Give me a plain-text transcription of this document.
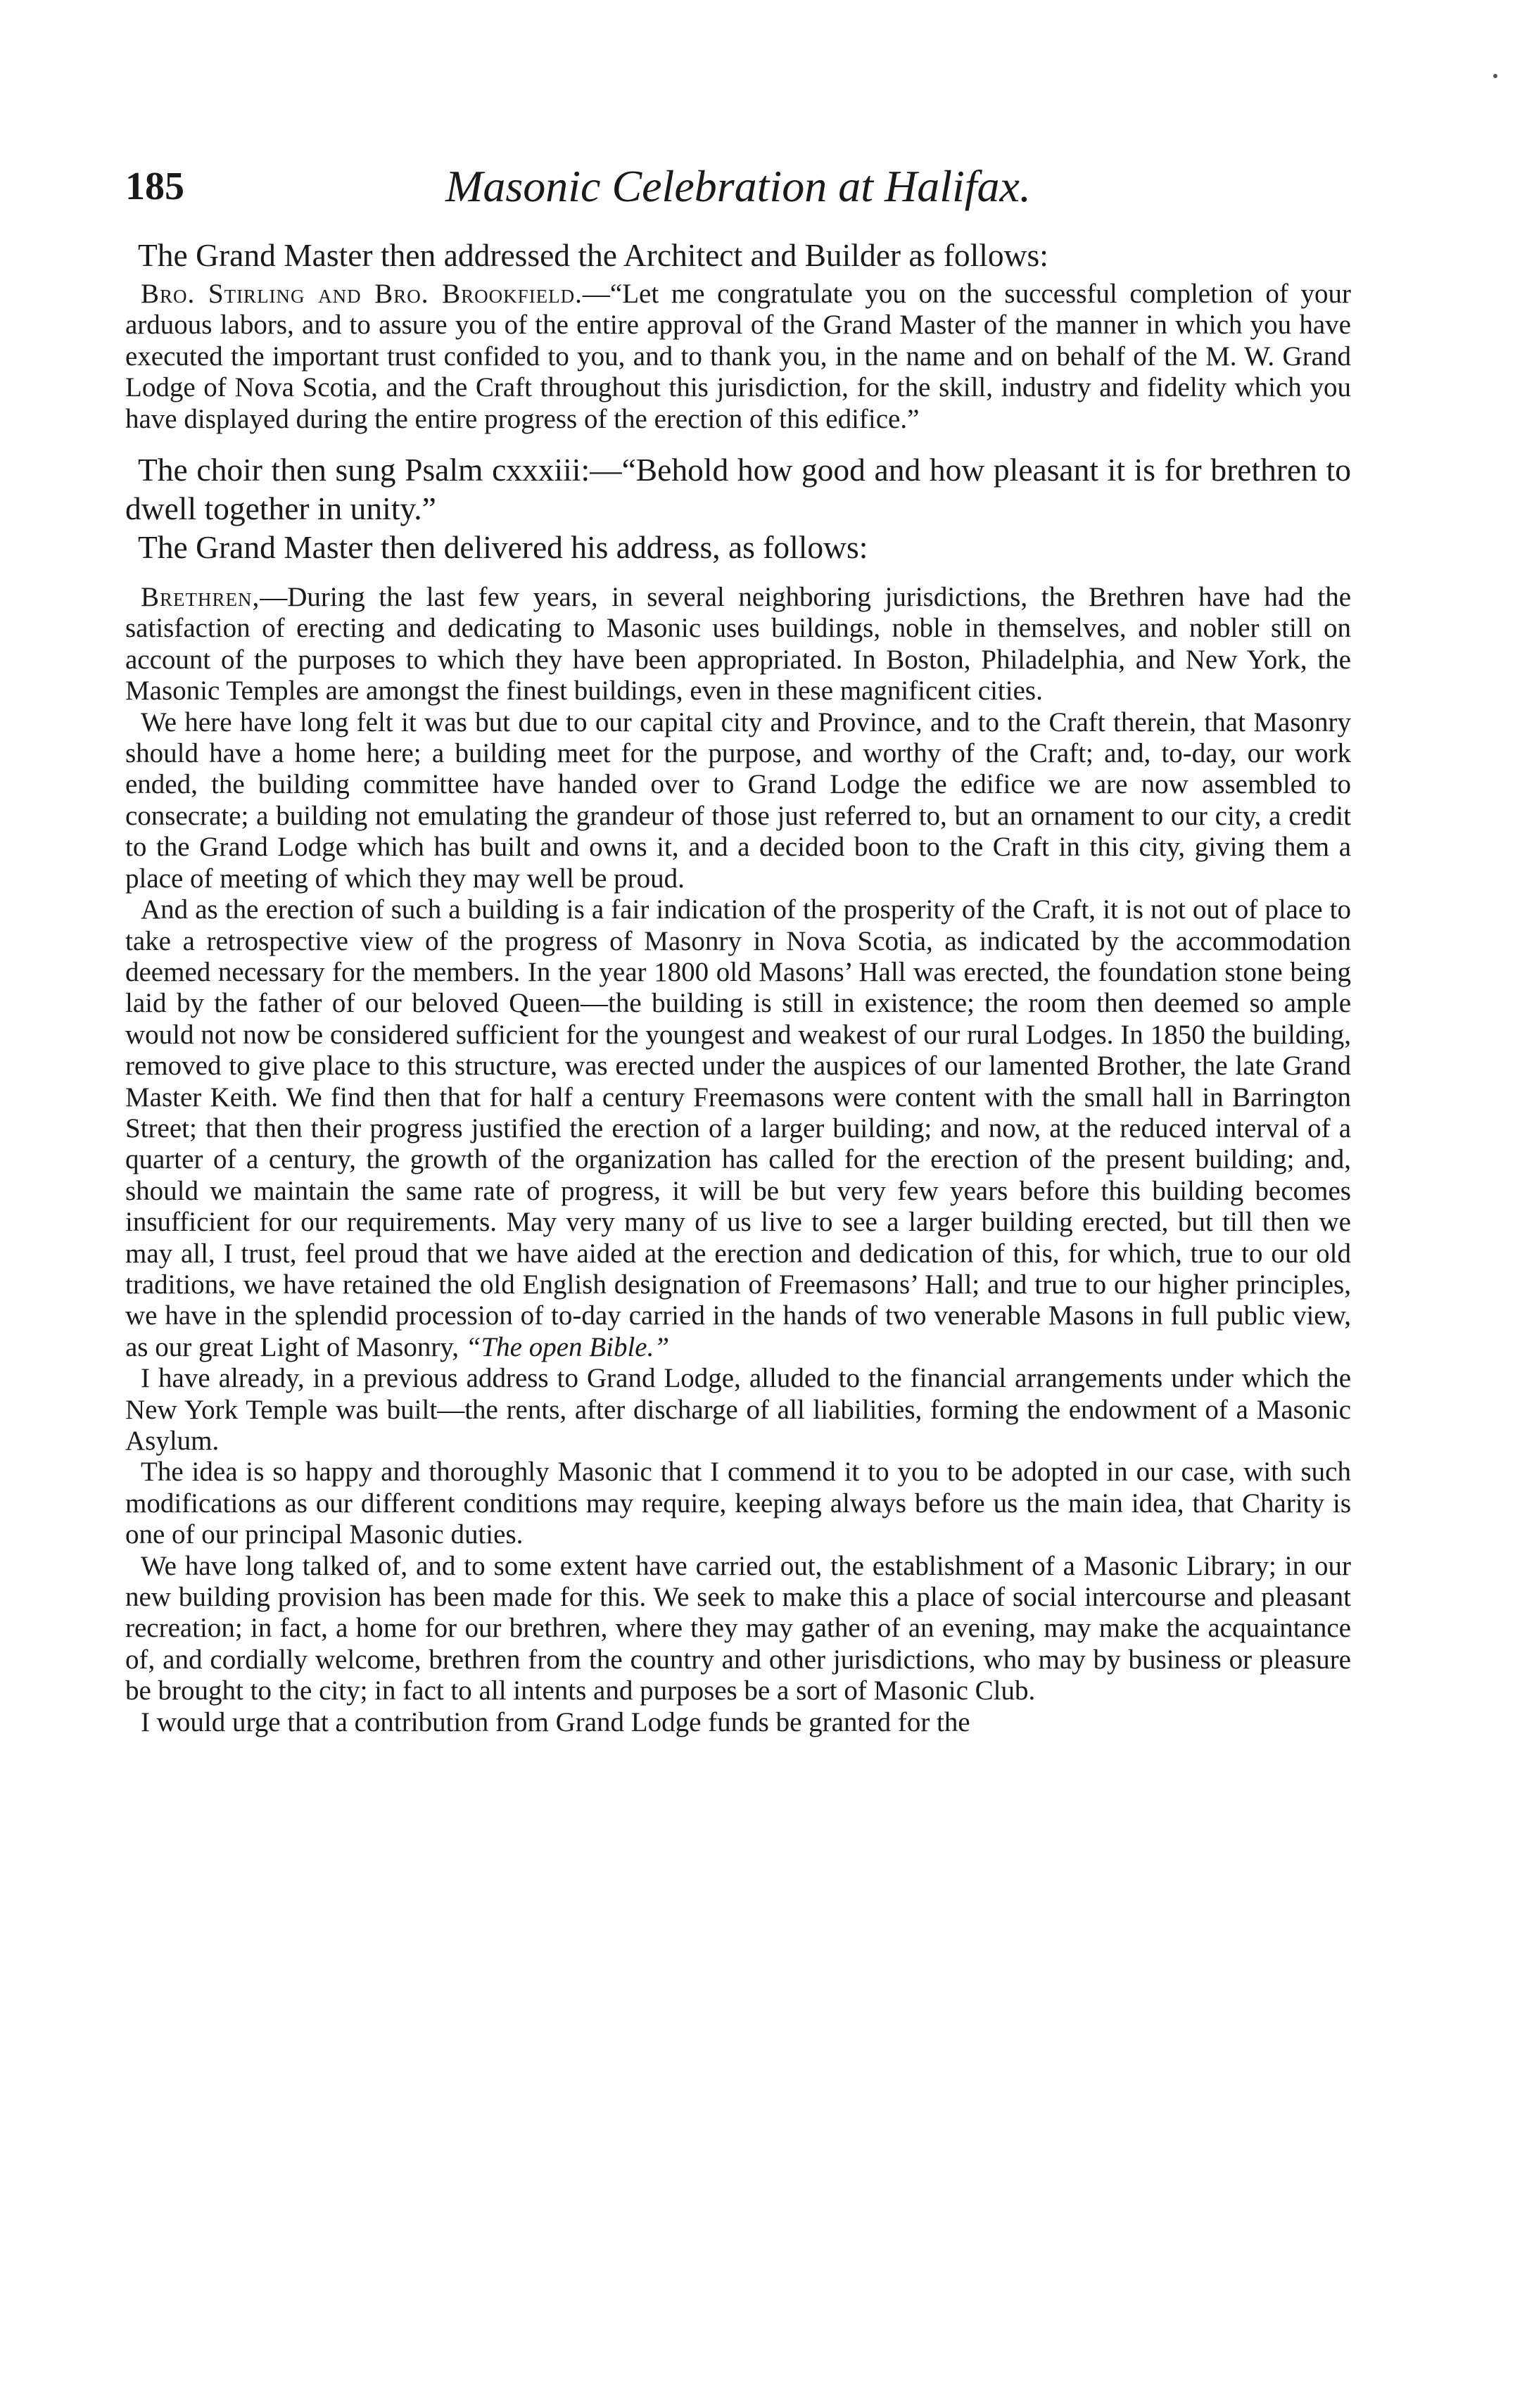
185	Masonic Celebration at Halifax.

The Grand Master then addressed the Architect and Builder as follows:

Bro. Stirling and Bro. Brookfield.—“Let me congratulate you on the successful completion of your arduous labors, and to assure you of the entire approval of the Grand Master of the manner in which you have executed the important trust confided to you, and to thank you, in the name and on behalf of the M. W. Grand Lodge of Nova Scotia, and the Craft throughout this jurisdiction, for the skill, industry and fidelity which you have displayed during the entire progress of the erection of this edifice.”

The choir then sung Psalm cxxxiii:—“Behold how good and how pleasant it is for brethren to dwell together in unity.”

The Grand Master then delivered his address, as follows:

Brethren,—During the last few years, in several neighboring jurisdictions, the Brethren have had the satisfaction of erecting and dedicating to Masonic uses buildings, noble in themselves, and nobler still on account of the purposes to which they have been appropriated. In Boston, Philadelphia, and New York, the Masonic Temples are amongst the finest buildings, even in these magnificent cities.

We here have long felt it was but due to our capital city and Province, and to the Craft therein, that Masonry should have a home here; a building meet for the purpose, and worthy of the Craft; and, to-day, our work ended, the building committee have handed over to Grand Lodge the edifice we are now assembled to consecrate; a building not emulating the grandeur of those just referred to, but an ornament to our city, a credit to the Grand Lodge which has built and owns it, and a decided boon to the Craft in this city, giving them a place of meeting of which they may well be proud.

And as the erection of such a building is a fair indication of the prosperity of the Craft, it is not out of place to take a retrospective view of the progress of Masonry in Nova Scotia, as indicated by the accommodation deemed necessary for the members. In the year 1800 old Masons’ Hall was erected, the foundation stone being laid by the father of our beloved Queen—the building is still in existence; the room then deemed so ample would not now be considered sufficient for the youngest and weakest of our rural Lodges. In 1850 the building, removed to give place to this structure, was erected under the auspices of our lamented Brother, the late Grand Master Keith. We find then that for half a century Freemasons were content with the small hall in Barrington Street; that then their progress justified the erection of a larger building; and now, at the reduced interval of a quarter of a century, the growth of the organization has called for the erection of the present building; and, should we maintain the same rate of progress, it will be but very few years before this building becomes insufficient for our requirements. May very many of us live to see a larger building erected, but till then we may all, I trust, feel proud that we have aided at the erection and dedication of this, for which, true to our old traditions, we have retained the old English designation of Freemasons’ Hall; and true to our higher principles, we have in the splendid procession of to-day carried in the hands of two venerable Masons in full public view, as our great Light of Masonry, “The open Bible.”

I have already, in a previous address to Grand Lodge, alluded to the financial arrangements under which the New York Temple was built—the rents, after discharge of all liabilities, forming the endowment of a Masonic Asylum.

The idea is so happy and thoroughly Masonic that I commend it to you to be adopted in our case, with such modifications as our different conditions may require, keeping always before us the main idea, that Charity is one of our principal Masonic duties.

We have long talked of, and to some extent have carried out, the establishment of a Masonic Library; in our new building provision has been made for this. We seek to make this a place of social intercourse and pleasant recreation; in fact, a home for our brethren, where they may gather of an evening, may make the acquaintance of, and cordially welcome, brethren from the country and other jurisdictions, who may by business or pleasure be brought to the city; in fact to all intents and purposes be a sort of Masonic Club.

I would urge that a contribution from Grand Lodge funds be granted for the
